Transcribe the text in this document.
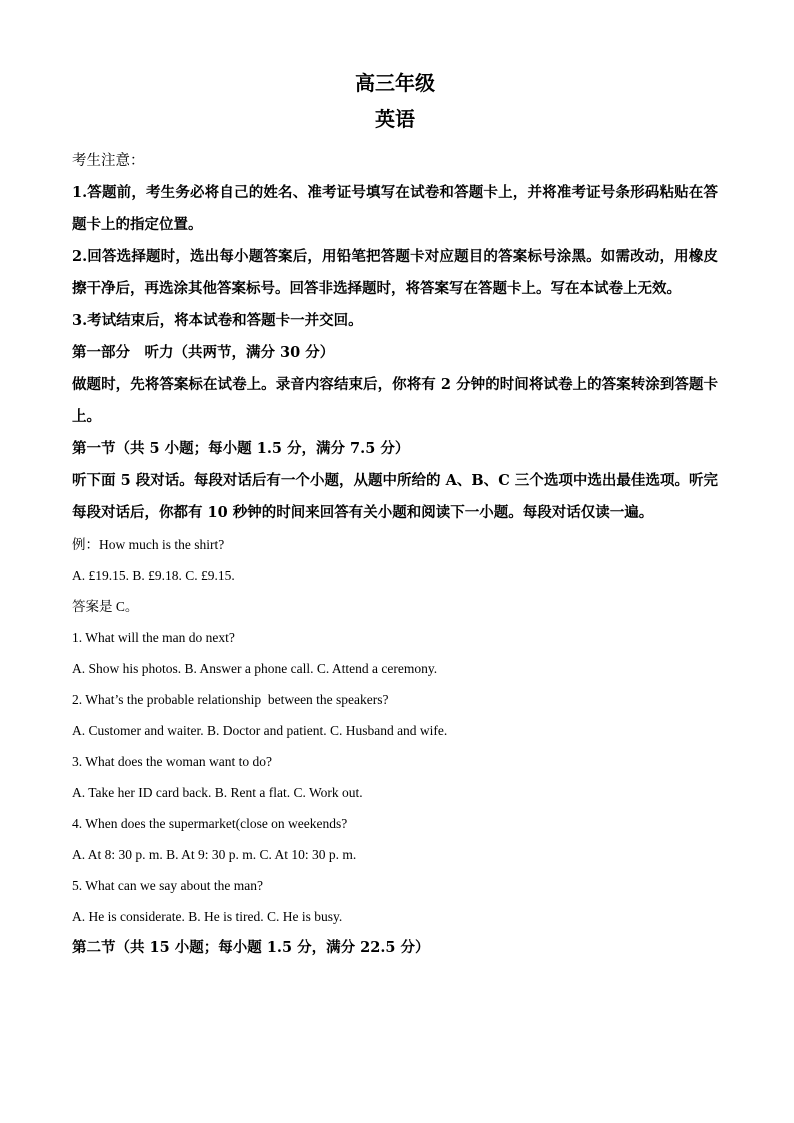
高三年级
英语

考生注意：

1.答题前，考生务必将自己的姓名、准考证号填写在试卷和答题卡上，并将准考证号条形码粘贴在答题卡上的指定位置。

2.回答选择题时，选出每小题答案后，用铅笔把答题卡对应题目的答案标号涂黑。如需改动，用橡皮擦干净后，再选涂其他答案标号。回答非选择题时，将答案写在答题卡上。写在本试卷上无效。

3.考试结束后，将本试卷和答题卡一并交回。

第一部分　听力（共两节，满分 30 分）

做题时，先将答案标在试卷上。录音内容结束后，你将有 2 分钟的时间将试卷上的答案转涂到答题卡上。

第一节（共 5 小题；每小题 1.5 分，满分 7.5 分）

听下面 5 段对话。每段对话后有一个小题，从题中所给的 A、B、C 三个选项中选出最佳选项。听完每段对话后，你都有 10 秒钟的时间来回答有关小题和阅读下一小题。每段对话仅读一遍。

例：How much is the shirt?

A. £19.15. B. £9.18. C. £9.15.

答案是 C。

1. What will the man do next?

A. Show his photos. B. Answer a phone call. C. Attend a ceremony.

2. What’s the probable relationship  between the speakers?

A. Customer and waiter. B. Doctor and patient. C. Husband and wife.

3. What does the woman want to do?

A. Take her ID card back. B. Rent a flat. C. Work out.

4. When does the supermarket(close on weekends?

A. At 8: 30 p. m. B. At 9: 30 p. m. C. At 10: 30 p. m.

5. What can we say about the man?

A. He is considerate. B. He is tired. C. He is busy.

第二节（共 15 小题；每小题 1.5 分，满分 22.5 分）
